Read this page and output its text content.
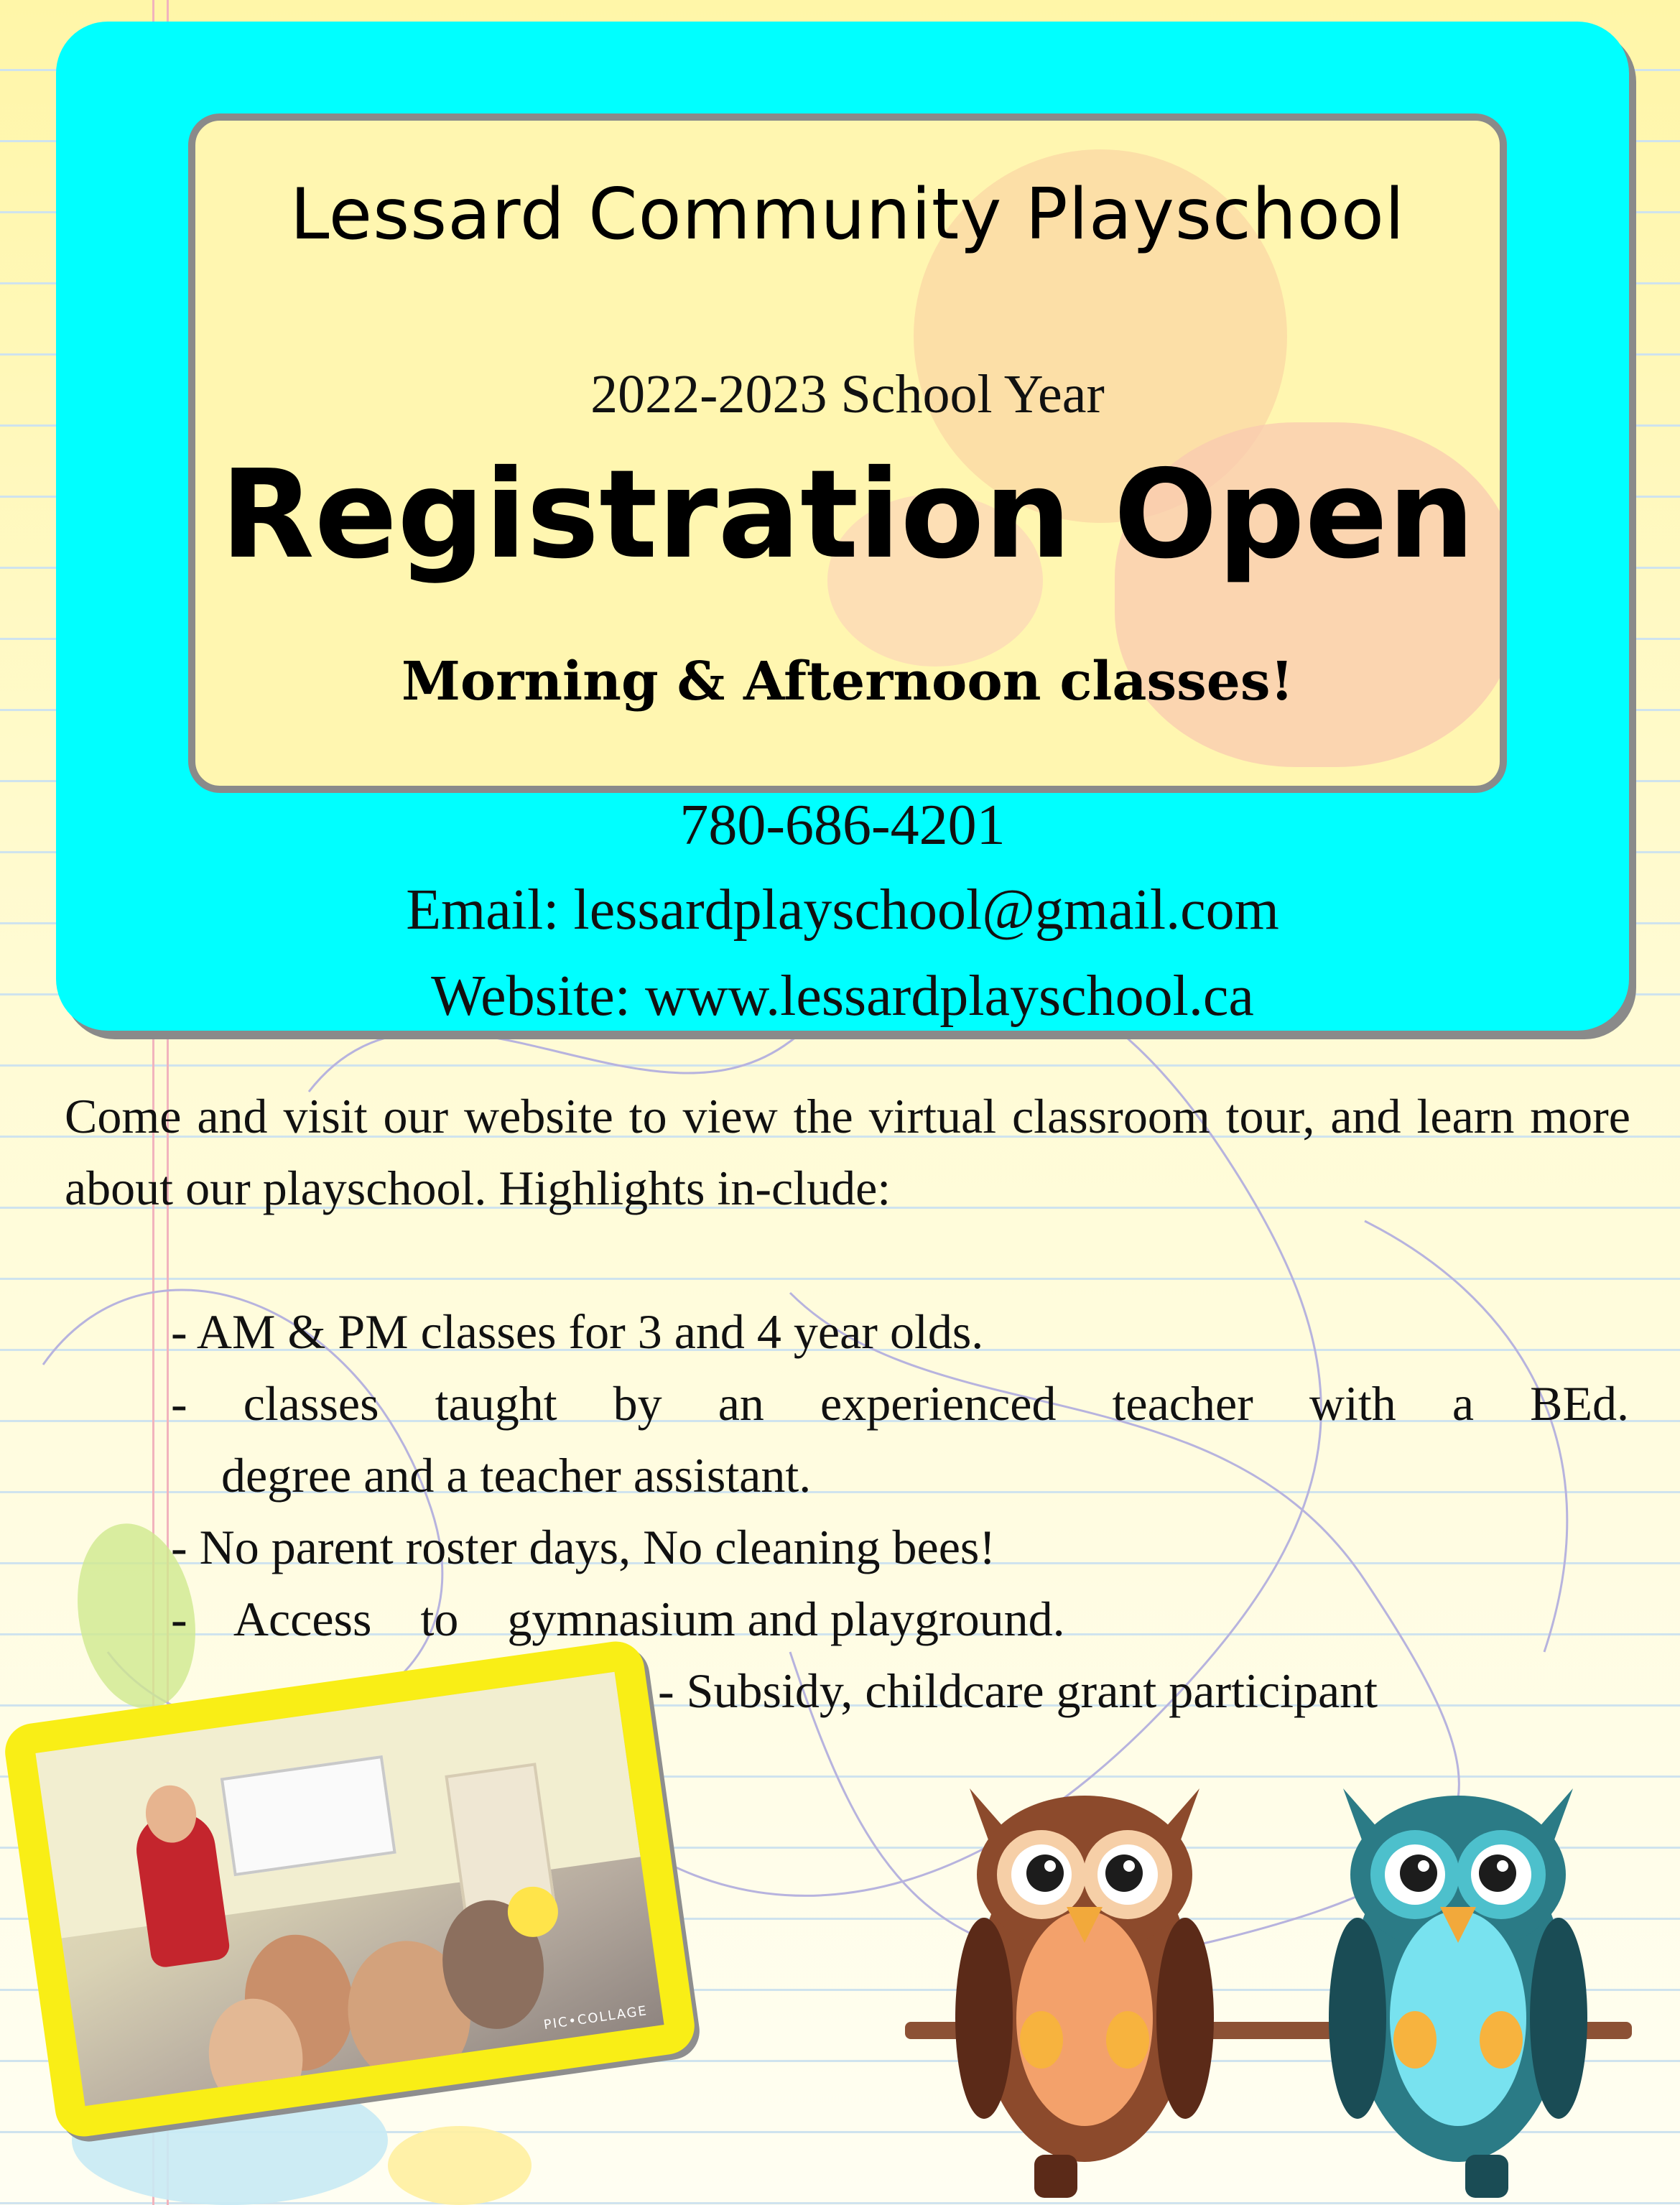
Lessard Community Playschool
2022-2023 School Year
Registration Open
Morning & Afternoon classes!
780-686-4201
Email: lessardplayschool@gmail.com
Website: www.lessardplayschool.ca
Come and visit our website to view the virtual classroom tour, and learn more about our playschool. Highlights in-clude:
- AM & PM classes for 3 and 4 year olds.
- classes taught by an experienced teacher with a BEd.
degree and a teacher assistant.
- No parent roster days, No cleaning bees!
-    Access    to    gymnasium and playground.
- Subsidy, childcare grant participant
PIC•COLLAGE
